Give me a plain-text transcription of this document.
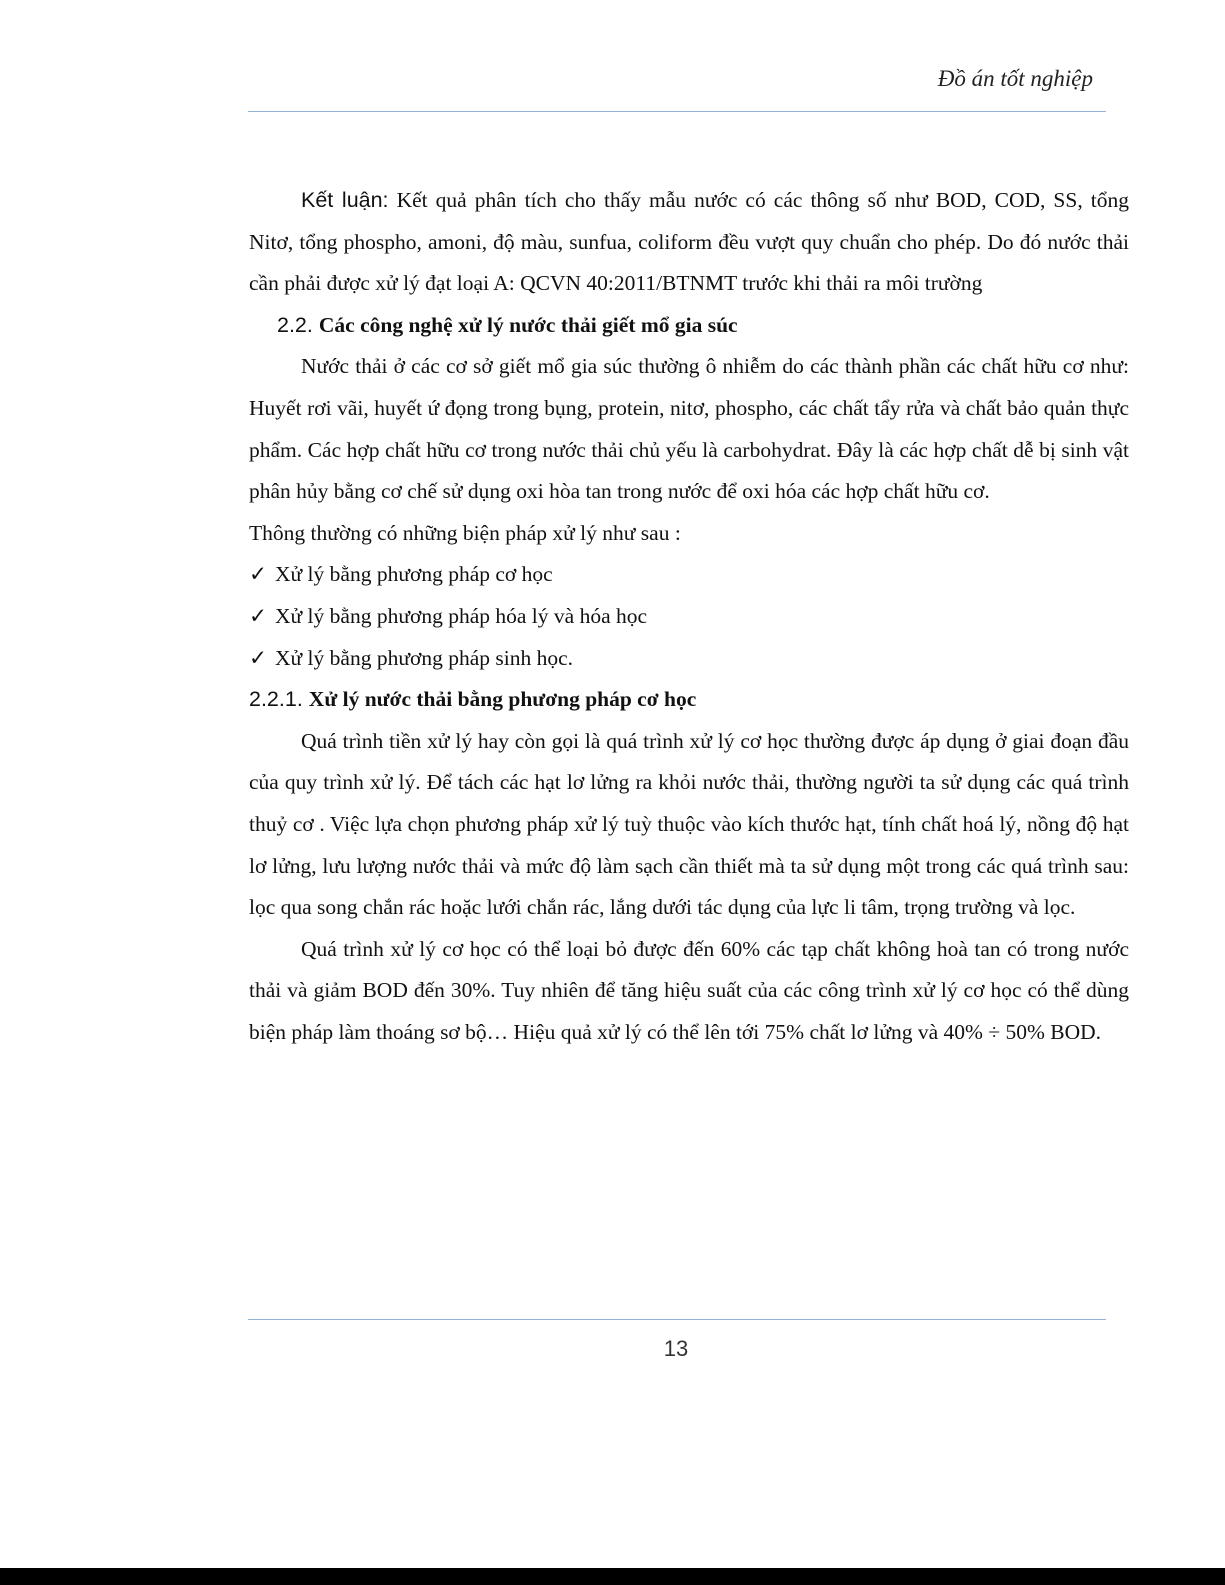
Đồ án tốt nghiệp

Kết luận: Kết quả phân tích cho thấy mẫu nước có các thông số như BOD, COD, SS, tổng Nitơ, tổng phospho, amoni, độ màu, sunfua, coliform đều vượt quy chuẩn cho phép. Do đó nước thải cần phải được xử lý đạt loại A: QCVN 40:2011/BTNMT trước khi thải ra môi trường

2.2. Các công nghệ xử lý nước thải giết mổ gia súc

Nước thải ở các cơ sở giết mổ gia súc thường ô nhiễm do các thành phần các chất hữu cơ như: Huyết rơi vãi, huyết ứ đọng trong bụng, protein, nitơ, phospho, các chất tẩy rửa và chất bảo quản thực phẩm. Các hợp chất hữu cơ trong nước thải chủ yếu là carbohydrat. Đây là các hợp chất dễ bị sinh vật phân hủy bằng cơ chế sử dụng oxi hòa tan trong nước để oxi hóa các hợp chất hữu cơ.

Thông thường có những biện pháp xử lý như sau :

✓ Xử lý bằng phương pháp cơ học
✓ Xử lý bằng phương pháp hóa lý và hóa học
✓ Xử lý bằng phương pháp sinh học.

2.2.1. Xử lý nước thải bằng phương pháp cơ học

Quá trình tiền xử lý hay còn gọi là quá trình xử lý cơ học thường được áp dụng ở giai đoạn đầu của quy trình xử lý. Để tách các hạt lơ lửng ra khỏi nước thải, thường người ta sử dụng các quá trình thuỷ cơ . Việc lựa chọn phương pháp xử lý tuỳ thuộc vào kích thước hạt, tính chất hoá lý, nồng độ hạt lơ lửng, lưu lượng nước thải và mức độ làm sạch cần thiết mà ta sử dụng một trong các quá trình sau: lọc qua song chắn rác hoặc lưới chắn rác, lắng dưới tác dụng của lực li tâm, trọng trường và lọc.

Quá trình xử lý cơ học có thể loại bỏ được đến 60% các tạp chất không hoà tan có trong nước thải và giảm BOD đến 30%. Tuy nhiên để tăng hiệu suất của các công trình xử lý cơ học có thể dùng biện pháp làm thoáng sơ bộ… Hiệu quả xử lý có thể lên tới 75% chất lơ lửng và 40% ÷ 50% BOD.

13
